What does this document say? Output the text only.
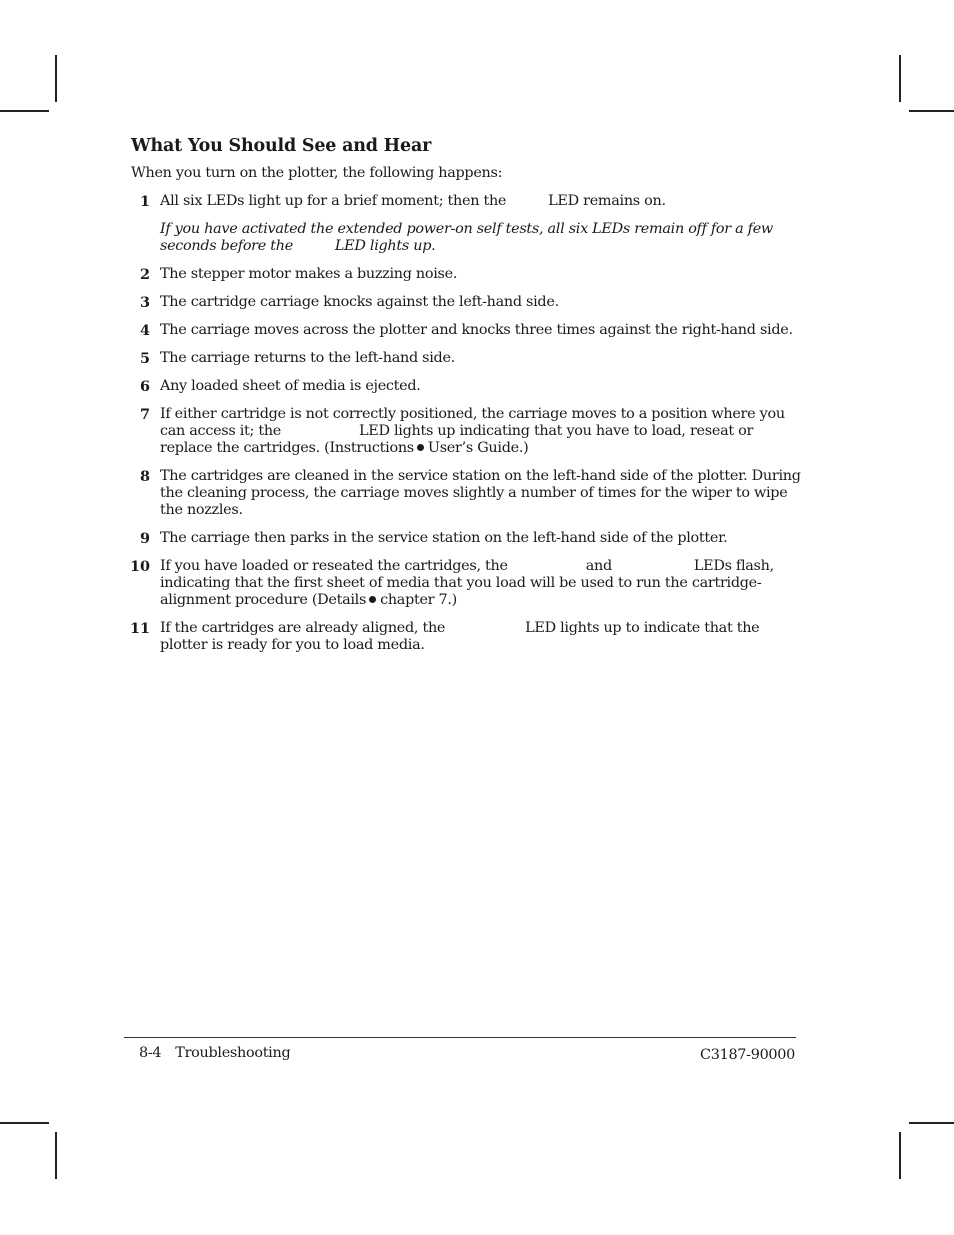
What You Should See and Hear
When you turn on the plotter, the following happens:
1 All six LEDs light up for a brief moment; then the	LED remains on.
If you have activated the extended power-on self tests, all six LEDs remain off for a few seconds before the	LED lights up.
2 The stepper motor makes a buzzing noise.
3 The cartridge carriage knocks against the left-hand side.
4 The carriage moves across the plotter and knocks three times against the right-hand side.
5 The carriage returns to the left-hand side.
6 Any loaded sheet of media is ejected.
7 If either cartridge is not correctly positioned, the carriage moves to a position where you can access it; the	LED lights up indicating that you have to load, reseat or replace the cartridges. (Instructions User’s Guide.)
8 The cartridges are cleaned in the service station on the left-hand side of the plotter. During the cleaning process, the carriage moves slightly a number of times for the wiper to wipe the nozzles.
9 The carriage then parks in the service station on the left-hand side of the plotter.
10 If you have loaded or reseated the cartridges, the	and	LEDs flash, indicating that the first sheet of media that you load will be used to run the cartridge-alignment procedure (Details chapter 7.)
11 If the cartridges are already aligned, the	LED lights up to indicate that the plotter is ready for you to load media.
8-4 Troubleshooting	C3187-90000
